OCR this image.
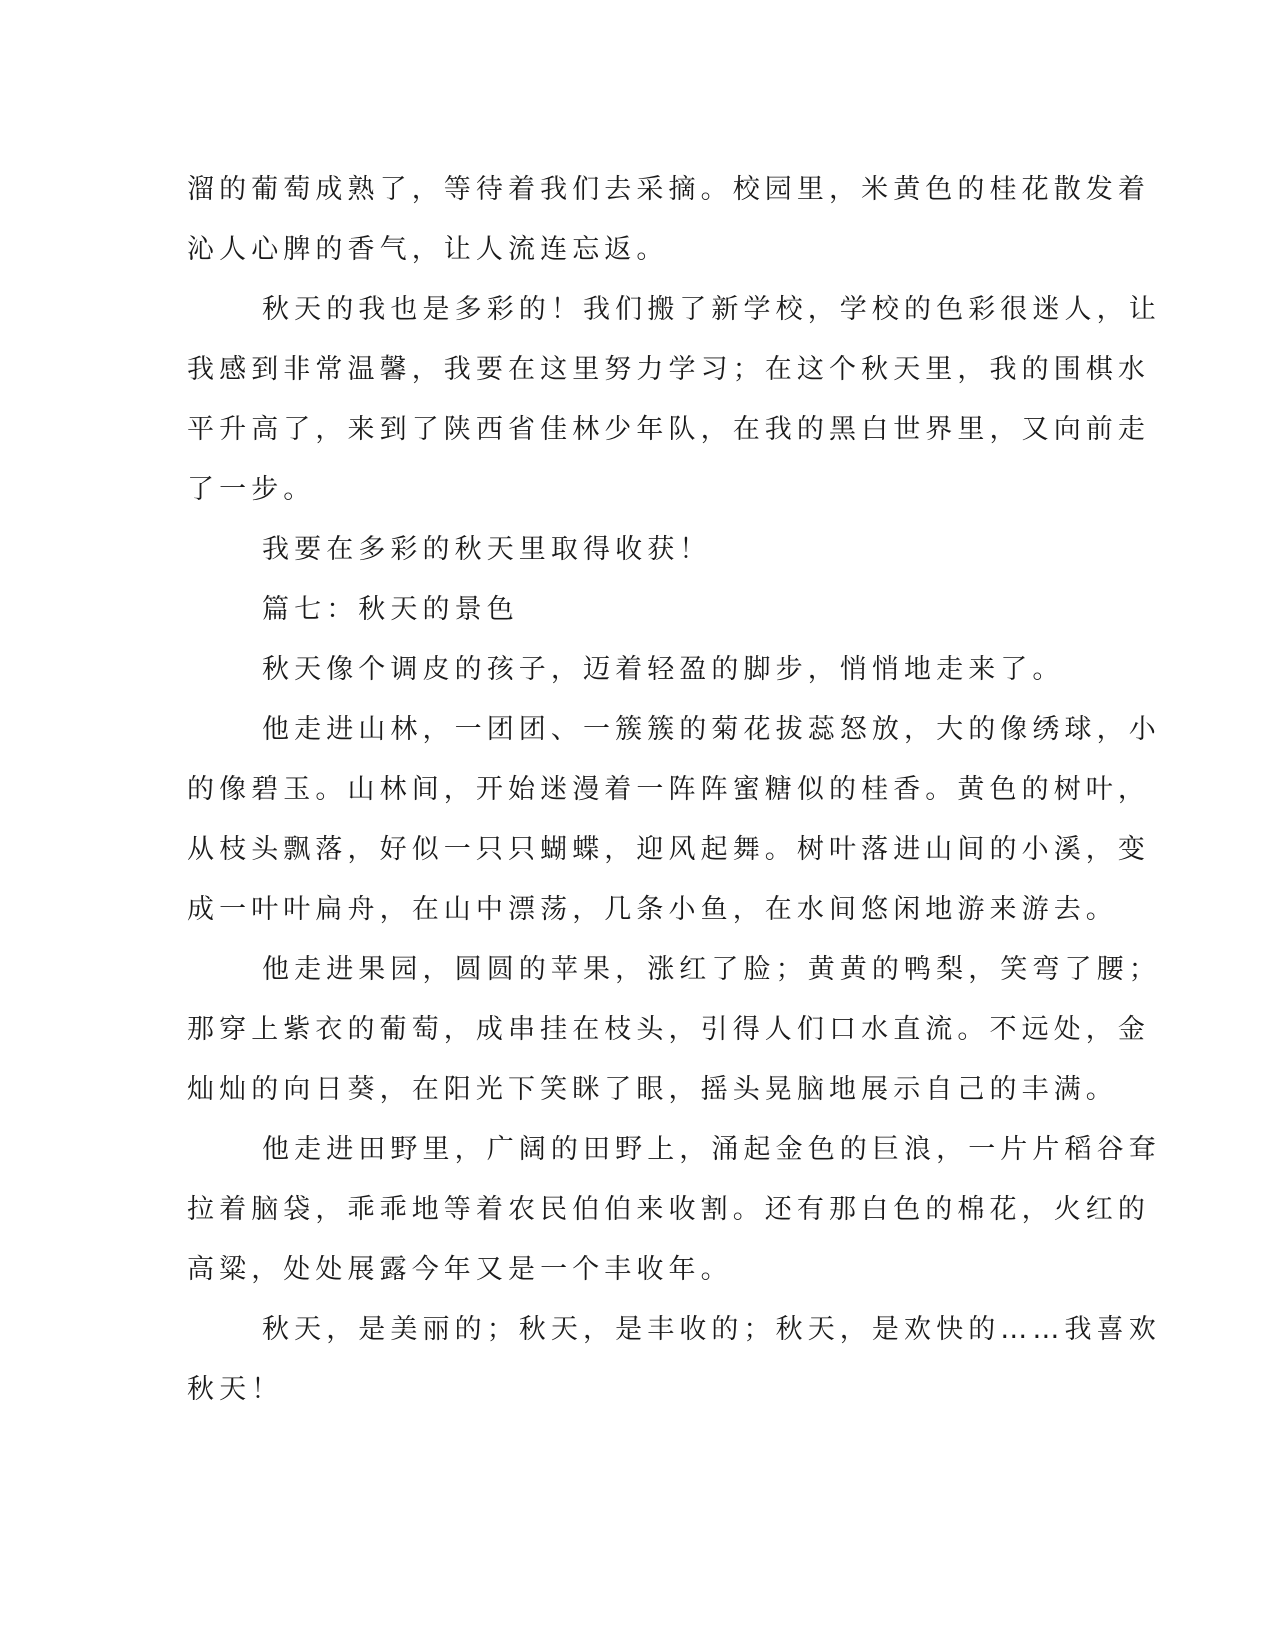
溜的葡萄成熟了，等待着我们去采摘。校园里，米黄色的桂花散发着
沁人心脾的香气，让人流连忘返。
秋天的我也是多彩的！我们搬了新学校，学校的色彩很迷人，让
我感到非常温馨，我要在这里努力学习；在这个秋天里，我的围棋水
平升高了，来到了陕西省佳林少年队，在我的黑白世界里，又向前走
了一步。
我要在多彩的秋天里取得收获！
篇七：秋天的景色
秋天像个调皮的孩子，迈着轻盈的脚步，悄悄地走来了。
他走进山林，一团团、一簇簇的菊花拔蕊怒放，大的像绣球，小
的像碧玉。山林间，开始迷漫着一阵阵蜜糖似的桂香。黄色的树叶，
从枝头飘落，好似一只只蝴蝶，迎风起舞。树叶落进山间的小溪，变
成一叶叶扁舟，在山中漂荡，几条小鱼，在水间悠闲地游来游去。
他走进果园，圆圆的苹果，涨红了脸；黄黄的鸭梨，笑弯了腰；
那穿上紫衣的葡萄，成串挂在枝头，引得人们口水直流。不远处，金
灿灿的向日葵，在阳光下笑眯了眼，摇头晃脑地展示自己的丰满。
他走进田野里，广阔的田野上，涌起金色的巨浪，一片片稻谷耷
拉着脑袋，乖乖地等着农民伯伯来收割。还有那白色的棉花，火红的
高粱，处处展露今年又是一个丰收年。
秋天，是美丽的；秋天，是丰收的；秋天，是欢快的……我喜欢
秋天！
